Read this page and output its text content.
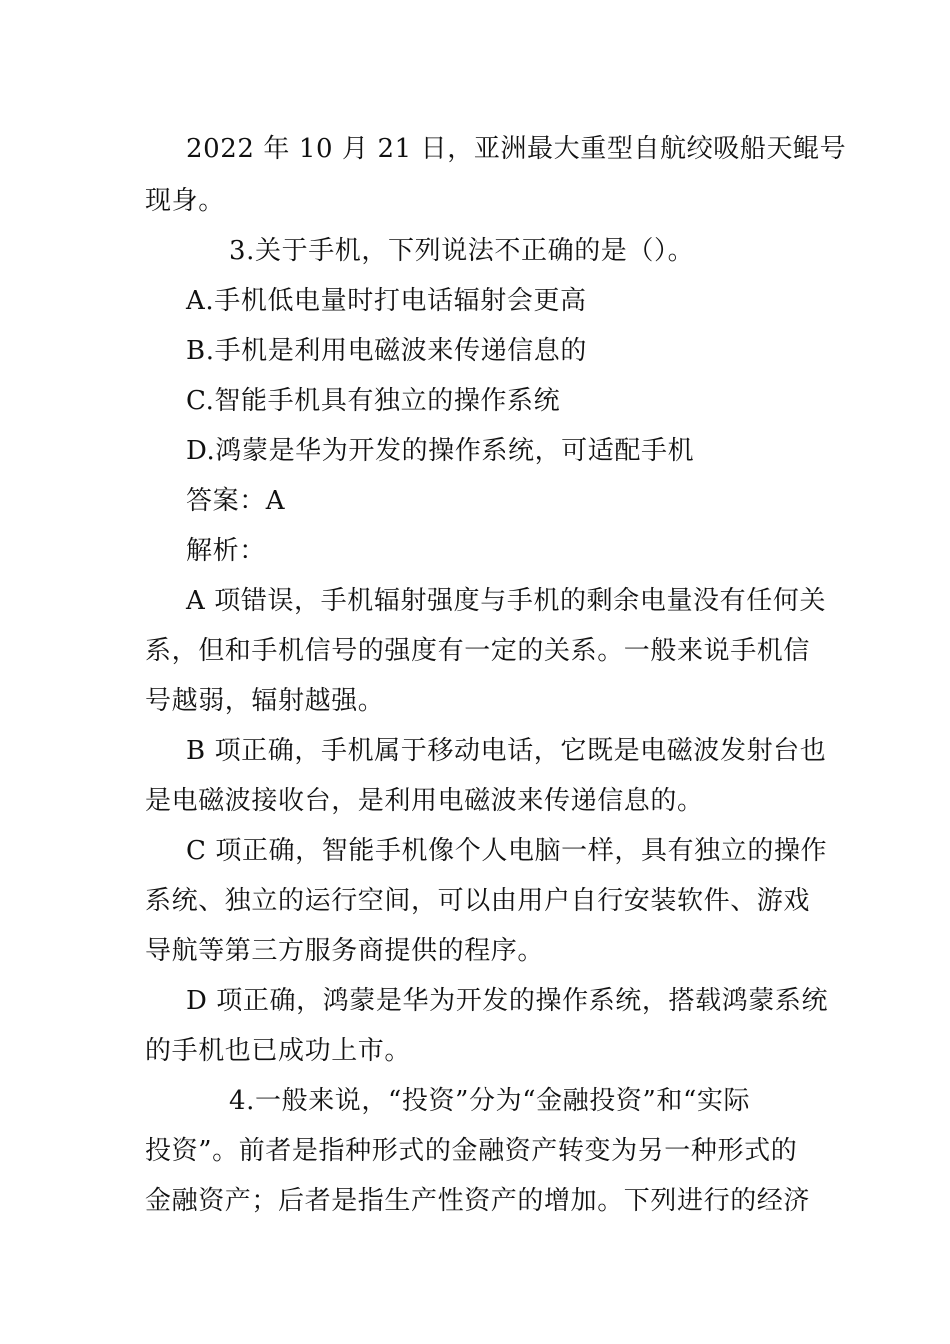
2022 年 10 月 21 日，亚洲最大重型自航绞吸船天鲲号
现身。
3.关于手机，下列说法不正确的是（）。
A.手机低电量时打电话辐射会更高
B.手机是利用电磁波来传递信息的
C.智能手机具有独立的操作系统
D.鸿蒙是华为开发的操作系统，可适配手机
答案：A
解析：
A 项错误，手机辐射强度与手机的剩余电量没有任何关
系，但和手机信号的强度有一定的关系。一般来说手机信
号越弱，辐射越强。
B 项正确，手机属于移动电话，它既是电磁波发射台也
是电磁波接收台，是利用电磁波来传递信息的。
C 项正确，智能手机像个人电脑一样，具有独立的操作
系统、独立的运行空间，可以由用户自行安装软件、游戏
导航等第三方服务商提供的程序。
D 项正确，鸿蒙是华为开发的操作系统，搭载鸿蒙系统
的手机也已成功上市。
4.一般来说，“投资”分为“金融投资”和“实际
投资”。前者是指种形式的金融资产转变为另一种形式的
金融资产；后者是指生产性资产的增加。下列进行的经济
